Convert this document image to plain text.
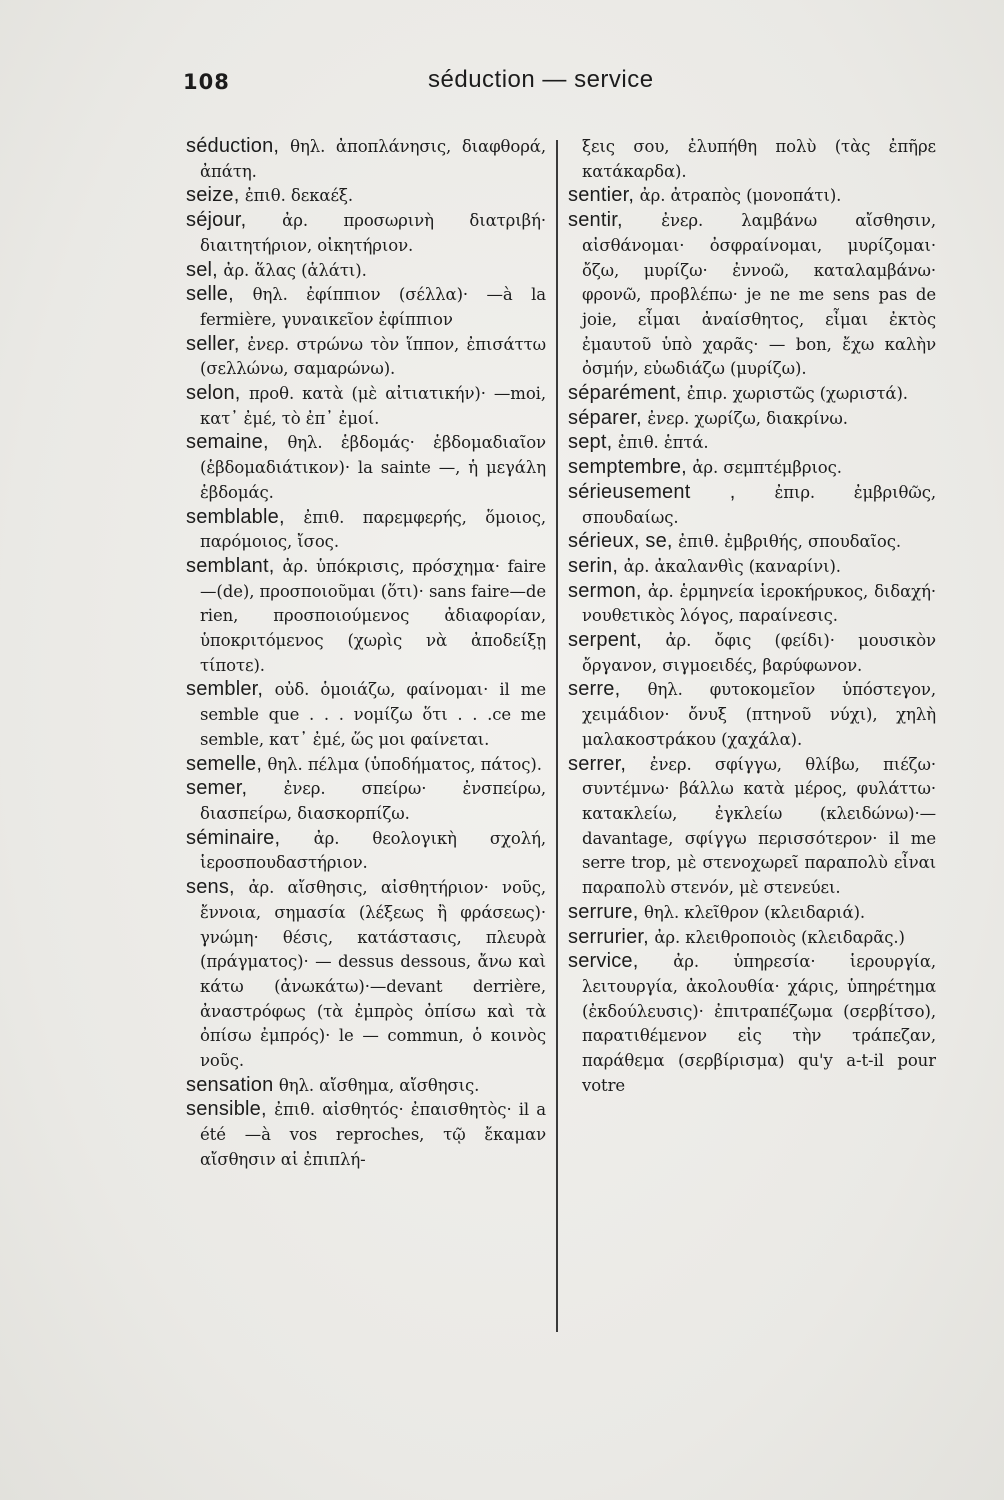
108	séduction — service

séduction, θηλ. ἀποπλάνησις, διαφθορά, ἀπάτη.

seize, ἐπιθ. δεκαέξ.

séjour, ἀρ. προσωρινὴ διατριβή· διαιτητήριον, οἰκητήριον.

sel, ἀρ. ἅλας (ἁλάτι).

selle, θηλ. ἐφίππιον (σέλλα)· —à la fermière, γυναικεῖον ἐφίππιον

seller, ἐνερ. στρώνω τὸν ἵππον, ἐπισάττω (σελλώνω, σαμαρώνω).

selon, προθ. κατὰ (μὲ αἰτιατικήν)· —moi, κατ᾽ ἐμέ, τὸ ἐπ᾽ ἐμοί.

semaine, θηλ. ἑβδομάς· ἑβδομαδιαῖον (ἑβδομαδιάτικον)· la sainte —, ἡ μεγάλη ἑβδομάς.

semblable, ἐπιθ. παρεμφερής, ὅμοιος, παρόμοιος, ἴσος.

semblant, ἀρ. ὑπόκρισις, πρόσχημα· faire —(de), προσποιοῦμαι (ὅτι)· sans faire—de rien, προσποιούμενος ἀδιαφορίαν, ὑποκριτόμενος (χωρὶς νὰ ἀποδείξῃ τίποτε).

sembler, οὐδ. ὁμοιάζω, φαίνομαι· il me semble que . . . νομίζω ὅτι . . .ce me semble, κατ᾽ ἐμέ, ὥς μοι φαίνεται.

semelle, θηλ. πέλμα (ὑποδήματος, πάτος).

semer, ἐνερ. σπείρω· ἐνσπείρω, διασπείρω, διασκορπίζω.

séminaire, ἀρ. θεολογικὴ σχολή, ἱεροσπουδαστήριον.

sens, ἀρ. αἴσθησις, αἰσθητήριον· νοῦς, ἔννοια, σημασία (λέξεως ἢ φράσεως)· γνώμη· θέσις, κατάστασις, πλευρὰ (πράγματος)· — dessus dessous, ἄνω καὶ κάτω (ἀνωκάτω)·—devant derrière, ἀναστρόφως (τὰ ἐμπρὸς ὀπίσω καὶ τὰ ὀπίσω ἐμπρός)· le — commun, ὁ κοινὸς νοῦς.

sensation θηλ. αἴσθημα, αἴσθησις.

sensible, ἐπιθ. αἰσθητός· ἐπαισθητὸς· il a été —à vos reproches, τῷ ἔκαμαν αἴσθησιν αἱ ἐπιπλή-

ξεις σου, ἐλυπήθη πολὺ (τὰς ἐπῆρε κατάκαρδα).

sentier, ἀρ. ἀτραπὸς (μονοπάτι).

sentir, ἐνερ. λαμβάνω αἴσθησιν, αἰσθάνομαι· ὀσφραίνομαι, μυρίζομαι· ὄζω, μυρίζω· ἐννοῶ, καταλαμβάνω· φρονῶ, προβλέπω· je ne me sens pas de joie, εἶμαι ἀναίσθητος, εἶμαι ἐκτὸς ἐμαυτοῦ ὑπὸ χαρᾶς· — bon, ἔχω καλὴν ὀσμήν, εὐωδιάζω (μυρίζω).

séparément, ἐπιρ. χωριστῶς (χωριστά).

séparer, ἐνερ. χωρίζω, διακρίνω.

sept, ἐπιθ. ἑπτά.

semptembre, ἀρ. σεμπτέμβριος.

sérieusement , ἐπιρ. ἐμβριθῶς, σπουδαίως.

sérieux, se, ἐπιθ. ἐμβριθής, σπουδαῖος.

serin, ἀρ. ἀκαλανθὶς (καναρίνι).

sermon, ἀρ. ἑρμηνεία ἱεροκήρυκος, διδαχή· νουθετικὸς λόγος, παραίνεσις.

serpent, ἀρ. ὄφις (φείδι)· μουσικὸν ὄργανον, σιγμοειδές, βαρύφωνον.

serre, θηλ. φυτοκομεῖον ὑπόστεγον, χειμάδιον· ὄνυξ (πτηνοῦ νύχι), χηλὴ μαλακοστράκου (χαχάλα).

serrer, ἐνερ. σφίγγω, θλίβω, πιέζω· συντέμνω· βάλλω κατὰ μέρος, φυλάττω· κατακλείω, ἐγκλείω (κλειδώνω)·—davantage, σφίγγω περισσότερον· il me serre trop, μὲ στενοχωρεῖ παραπολὺ εἶναι παραπολὺ στενόν, μὲ στενεύει.

serrure, θηλ. κλεῖθρον (κλειδαριά).

serrurier, ἀρ. κλειθροποιὸς (κλειδαρᾶς.)

service, ἀρ. ὑπηρεσία· ἱερουργία, λειτουργία, ἀκολουθία· χάρις, ὑπηρέτημα (ἐκδούλευσις)· ἐπιτραπέζωμα (σερβίτσο), παρατιθέμενον εἰς τὴν τράπεζαν, παράθεμα (σερβίρισμα) qu'y a-t-il pour votre
